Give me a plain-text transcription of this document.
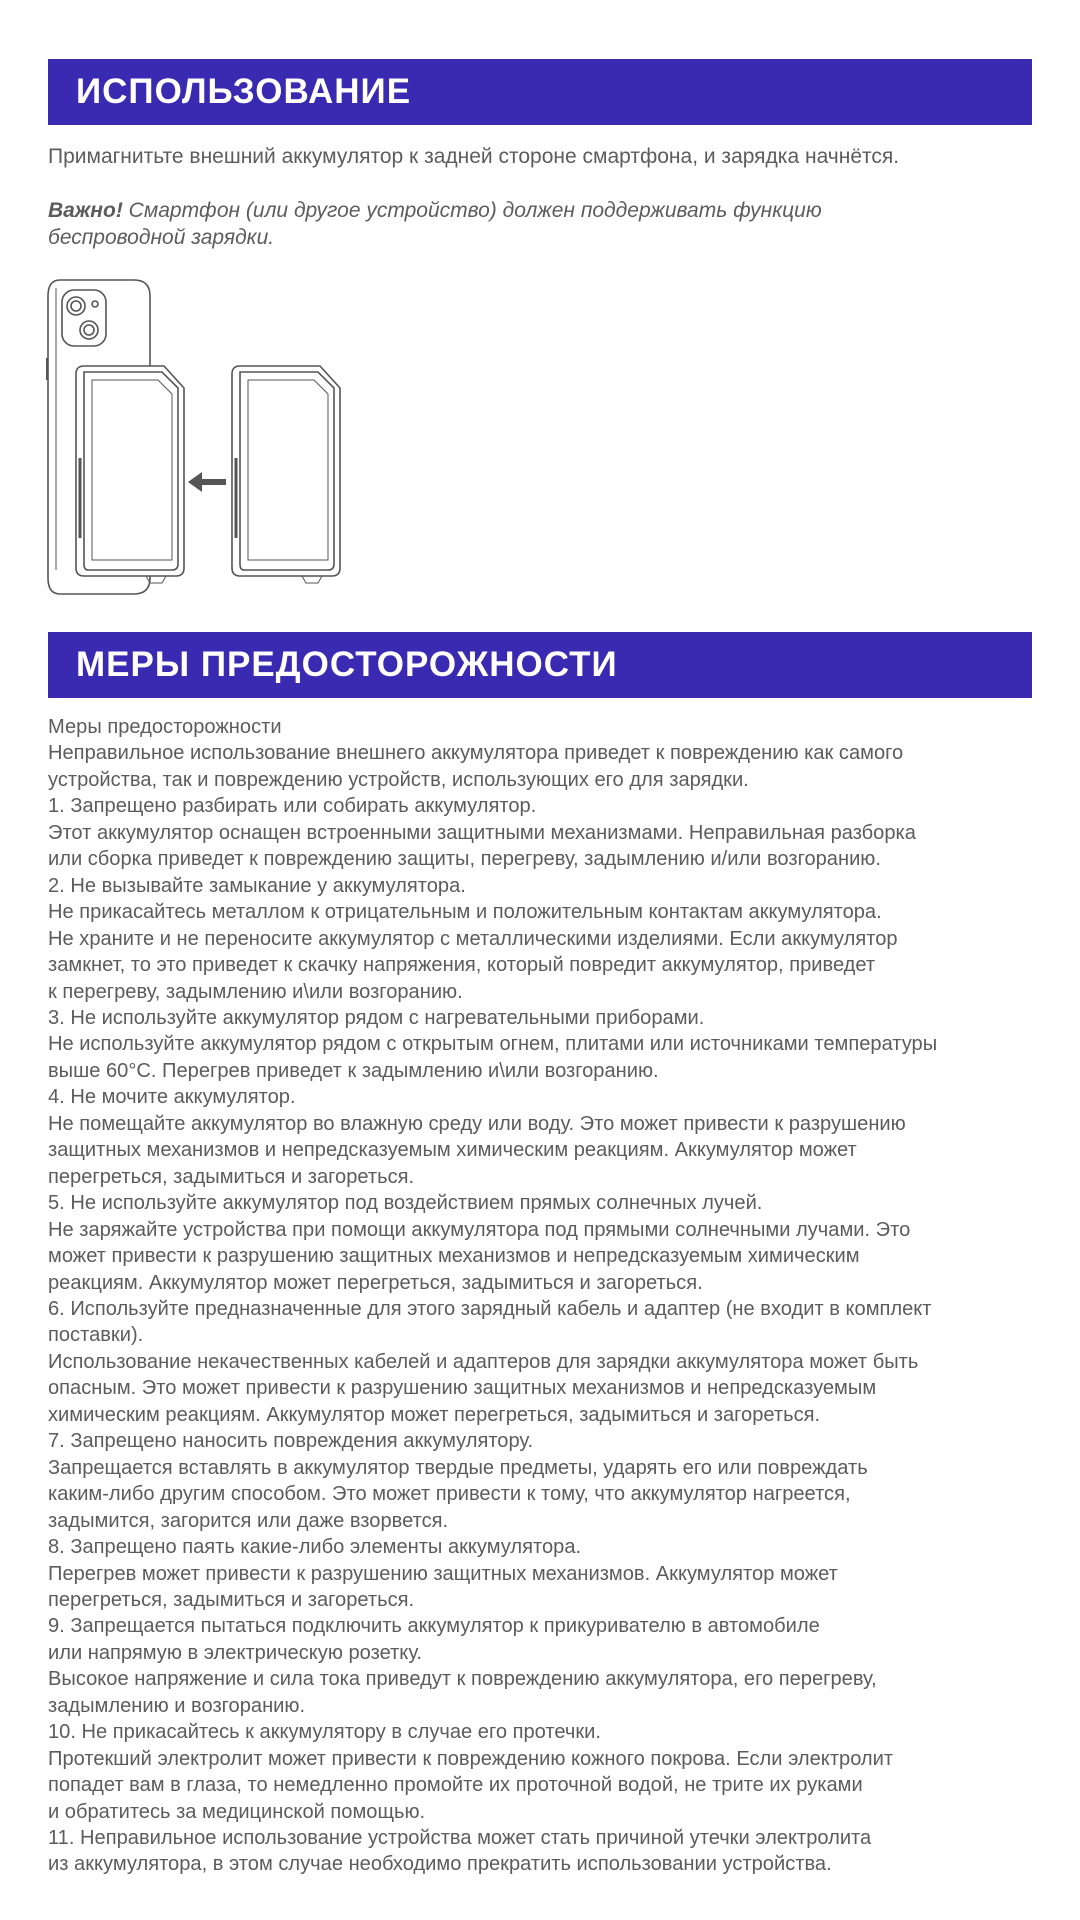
ИСПОЛЬЗОВАНИЕ

Примагнитьте внешний аккумулятор к задней стороне смартфона, и зарядка начнётся.

Важно! Смартфон (или другое устройство) должен поддерживать функцию
беспроводной зарядки.

МЕРЫ ПРЕДОСТОРОЖНОСТИ
Меры предосторожности
Неправильное использование внешнего аккумулятора приведет к повреждению как самого
устройства, так и повреждению устройств, использующих его для зарядки.
1. Запрещено разбирать или собирать аккумулятор.
Этот аккумулятор оснащен встроенными защитными механизмами. Неправильная разборка
или сборка приведет к повреждению защиты, перегреву, задымлению и/или возгоранию.
2. Не вызывайте замыкание у аккумулятора.
Не прикасайтесь металлом к отрицательным и положительным контактам аккумулятора.
Не храните и не переносите аккумулятор с металлическими изделиями. Если аккумулятор
замкнет, то это приведет к скачку напряжения, который повредит аккумулятор, приведет
к перегреву, задымлению и\или возгоранию.
3. Не используйте аккумулятор рядом с нагревательными приборами.
Не используйте аккумулятор рядом с открытым огнем, плитами или источниками температуры
выше 60°С. Перегрев приведет к задымлению и\или возгоранию.
4. Не мочите аккумулятор.
Не помещайте аккумулятор во влажную среду или воду. Это может привести к разрушению
защитных механизмов и непредсказуемым химическим реакциям. Аккумулятор может
перегреться, задымиться и загореться.
5. Не используйте аккумулятор под воздействием прямых солнечных лучей.
Не заряжайте устройства при помощи аккумулятора под прямыми солнечными лучами. Это
может привести к разрушению защитных механизмов и непредсказуемым химическим
реакциям. Аккумулятор может перегреться, задымиться и загореться.
6. Используйте предназначенные для этого зарядный кабель и адаптер (не входит в комплект
поставки).
Использование некачественных кабелей и адаптеров для зарядки аккумулятора может быть
опасным. Это может привести к разрушению защитных механизмов и непредсказуемым
химическим реакциям. Аккумулятор может перегреться, задымиться и загореться.
7. Запрещено наносить повреждения аккумулятору.
Запрещается вставлять в аккумулятор твердые предметы, ударять его или повреждать
каким-либо другим способом. Это может привести к тому, что аккумулятор нагреется,
задымится, загорится или даже взорвется.
8. Запрещено паять какие-либо элементы аккумулятора.
Перегрев может привести к разрушению защитных механизмов. Аккумулятор может
перегреться, задымиться и загореться.
9. Запрещается пытаться подключить аккумулятор к прикуривателю в автомобиле
или напрямую в электрическую розетку.
Высокое напряжение и сила тока приведут к повреждению аккумулятора, его перегреву,
задымлению и возгоранию.
10. Не прикасайтесь к аккумулятору в случае его протечки.
Протекший электролит может привести к повреждению кожного покрова. Если электролит
попадет вам в глаза, то немедленно промойте их проточной водой, не трите их руками
и обратитесь за медицинской помощью.
11. Неправильное использование устройства может стать причиной утечки электролита
из аккумулятора, в этом случае необходимо прекратить использовании устройства.
